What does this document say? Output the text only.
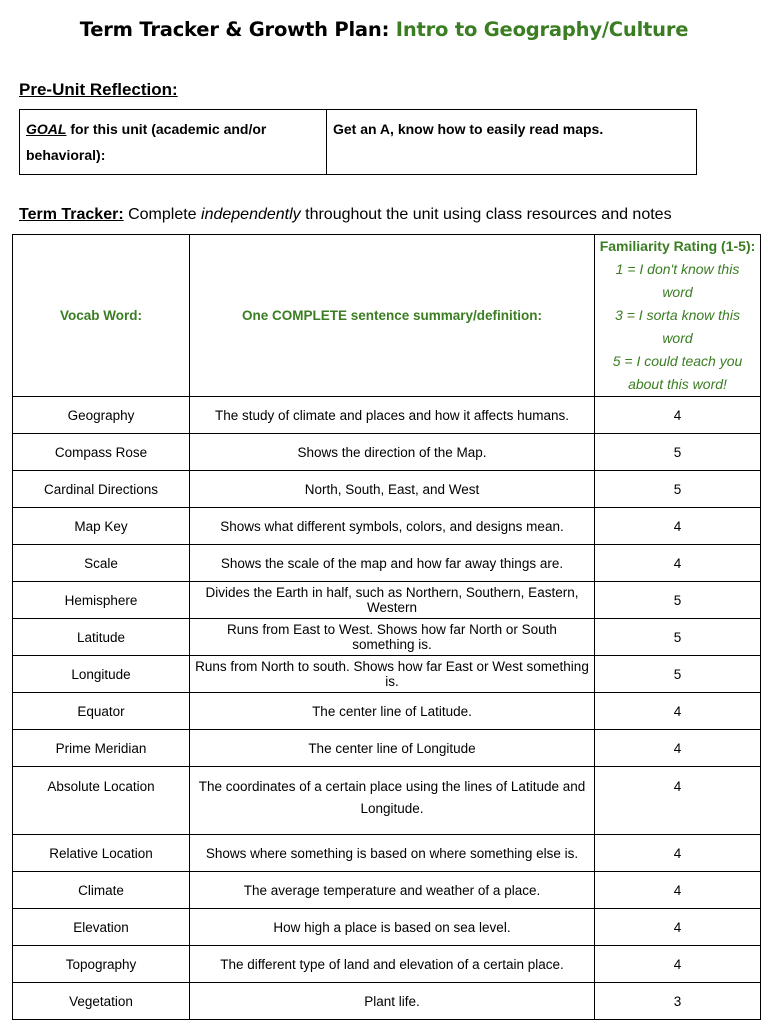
Term Tracker & Growth Plan: Intro to Geography/Culture
Pre-Unit Reflection:
GOAL for this unit (academic and/or behavioral):	Get an A, know how to easily read maps.
Term Tracker: Complete independently throughout the unit using class resources and notes
Vocab Word:	One COMPLETE sentence summary/definition:	Familiarity Rating (1-5):
1 = I don't know this word
3 = I sorta know this word
5 = I could teach you about this word!

Geography	The study of climate and places and how it affects humans.	4
Compass Rose	Shows the direction of the Map.	5
Cardinal Directions	North, South, East, and West	5
Map Key	Shows what different symbols, colors, and designs mean.	4
Scale	Shows the scale of the map and how far away things are.	4
Hemisphere	Divides the Earth in half, such as Northern, Southern, Eastern, Western	5
Latitude	Runs from East to West. Shows how far North or South something is.	5
Longitude	Runs from North to south. Shows how far East or West something is.	5
Equator	The center line of Latitude.	4
Prime Meridian	The center line of Longitude	4
Absolute Location	The coordinates of a certain place using the lines of Latitude and Longitude.	4
Relative Location	Shows where something is based on where something else is.	4
Climate	The average temperature and weather of a place.	4
Elevation	How high a place is based on sea level.	4
Topography	The different type of land and elevation of a certain place.	4
Vegetation	Plant life.	3
